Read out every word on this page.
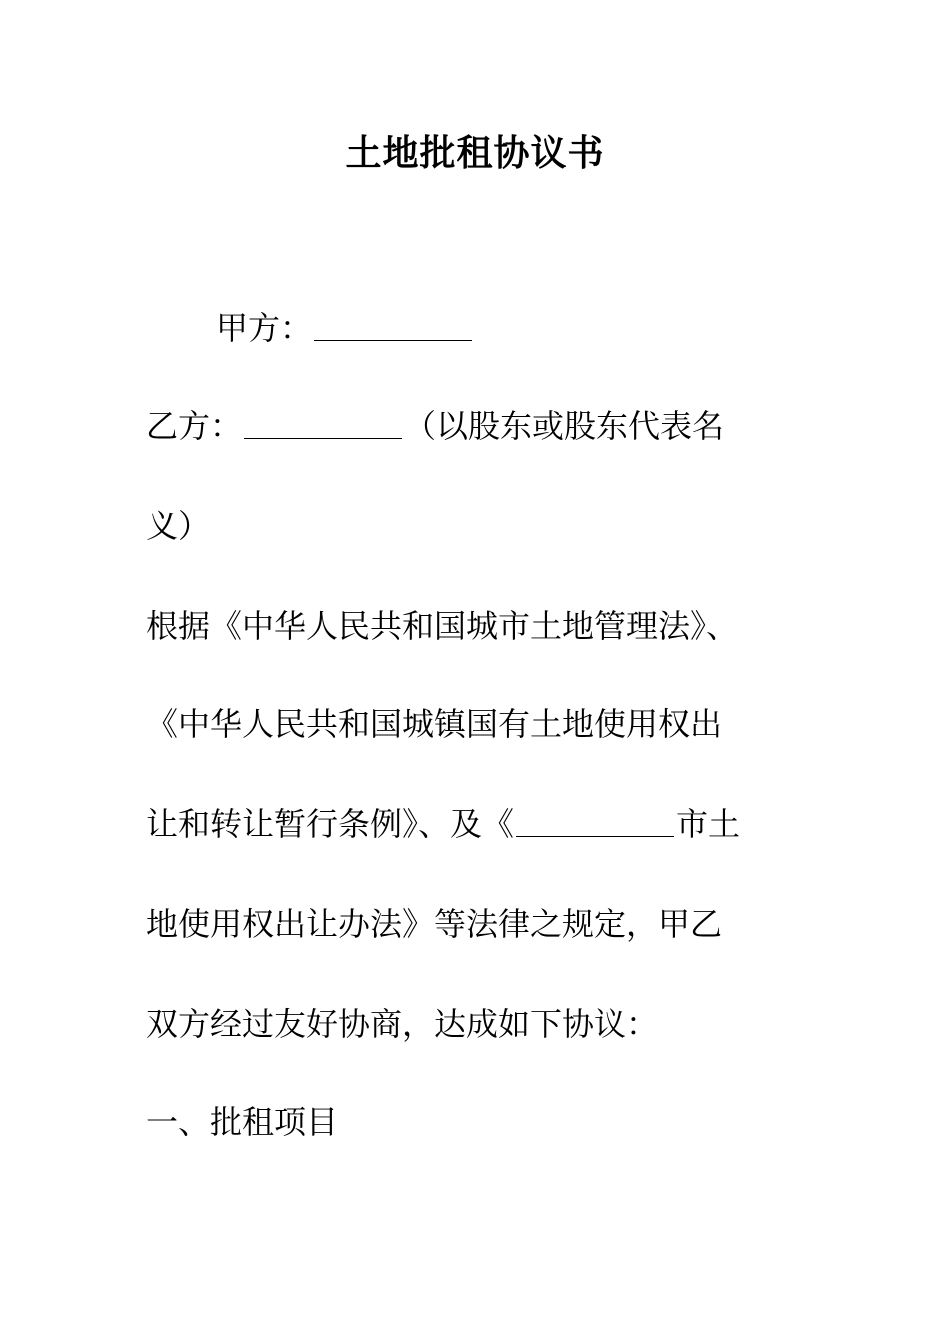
土地批租协议书
甲方：
乙方：	（以股东或股东代表名
义）
根据《中华人民共和国城市土地管理法》、
《中华人民共和国城镇国有土地使用权出
让和转让暂行条例》、及《	市土
地使用权出让办法》等法律之规定，甲乙
双方经过友好协商，达成如下协议：
一、批租项目
